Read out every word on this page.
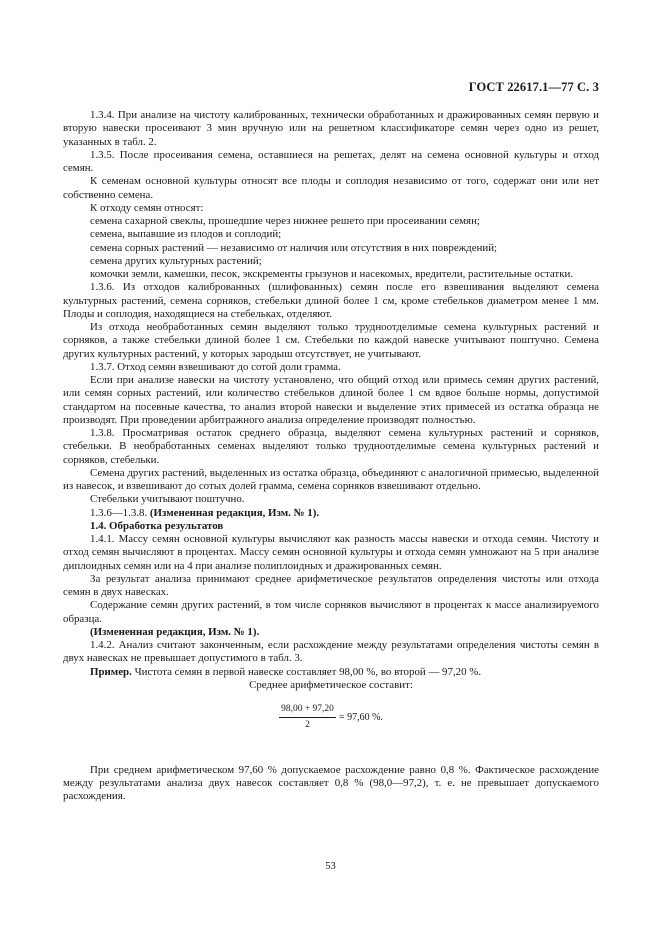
ГОСТ 22617.1—77 С. 3

1.3.4. При анализе на чистоту калиброванных, технически обработанных и дражированных семян первую и вторую навески просеивают 3 мин вручную или на решетном классификаторе семян через одно из решет, указанных в табл. 2.

1.3.5. После просеивания семена, оставшиеся на решетах, делят на семена основной культуры и отход семян.

К семенам основной культуры относят все плоды и соплодия независимо от того, содержат они или нет собственно семена.

К отходу семян относят:

семена сахарной свеклы, прошедшие через нижнее решето при просеивании семян;

семена, выпавшие из плодов и соплодий;

семена сорных растений — независимо от наличия или отсутствия в них повреждений;

семена других культурных растений;

комочки земли, камешки, песок, экскременты грызунов и насекомых, вредители, растительные остатки.

1.3.6. Из отходов калиброванных (шлифованных) семян после его взвешивания выделяют семена культурных растений, семена сорняков, стебельки длиной более 1 см, кроме стебельков диаметром менее 1 мм. Плоды и соплодия, находящиеся на стебельках, отделяют.

Из отхода необработанных семян выделяют только трудноотделимые семена культурных растений и сорняков, а также стебельки длиной более 1 см. Стебельки по каждой навеске учитывают поштучно. Семена других культурных растений, у которых зародыш отсутствует, не учитывают.

1.3.7. Отход семян взвешивают до сотой доли грамма.

Если при анализе навески на чистоту установлено, что общий отход или примесь семян других растений, или семян сорных растений, или количество стебельков длиной более 1 см вдвое больше нормы, допустимой стандартом на посевные качества, то анализ второй навески и выделение этих примесей из остатка образца не производят. При проведении арбитражного анализа определение производят полностью.

1.3.8. Просматривая остаток среднего образца, выделяют семена культурных растений и сорняков, стебельки. В необработанных семенах выделяют только трудноотделимые семена культурных растений и сорняков, стебельки.

Семена других растений, выделенных из остатка образца, объединяют с аналогичной примесью, выделенной из навесок, и взвешивают до сотых долей грамма, семена сорняков взвешивают отдельно.

Стебельки учитывают поштучно.

1.3.6—1.3.8. (Измененная редакция, Изм. № 1).

1.4. Обработка результатов

1.4.1. Массу семян основной культуры вычисляют как разность массы навески и отхода семян. Чистоту и отход семян вычисляют в процентах. Массу семян основной культуры и отхода семян умножают на 5 при анализе диплоидных семян или на 4 при анализе полиплоидных и дражированных семян.

За результат анализа принимают среднее арифметическое результатов определения чистоты или отхода семян в двух навесках.

Содержание семян других растений, в том числе сорняков вычисляют в процентах к массе анализируемого образца.

(Измененная редакция, Изм. № 1).

1.4.2. Анализ считают законченным, если расхождение между результатами определения чистоты семян в двух навесках не превышает допустимого в табл. 3.

Пример. Чистота семян в первой навеске составляет 98,00 %, во второй — 97,20 %.

Среднее арифметическое составит:

$\frac{98,00 + 97,20}{2} = 97,60$ %.

При среднем арифметическом 97,60 % допускаемое расхождение равно 0,8 %. Фактическое расхождение между результатами анализа двух навесок составляет 0,8 % (98,0—97,2), т. е. не превышает допускаемого расхождения.

53
